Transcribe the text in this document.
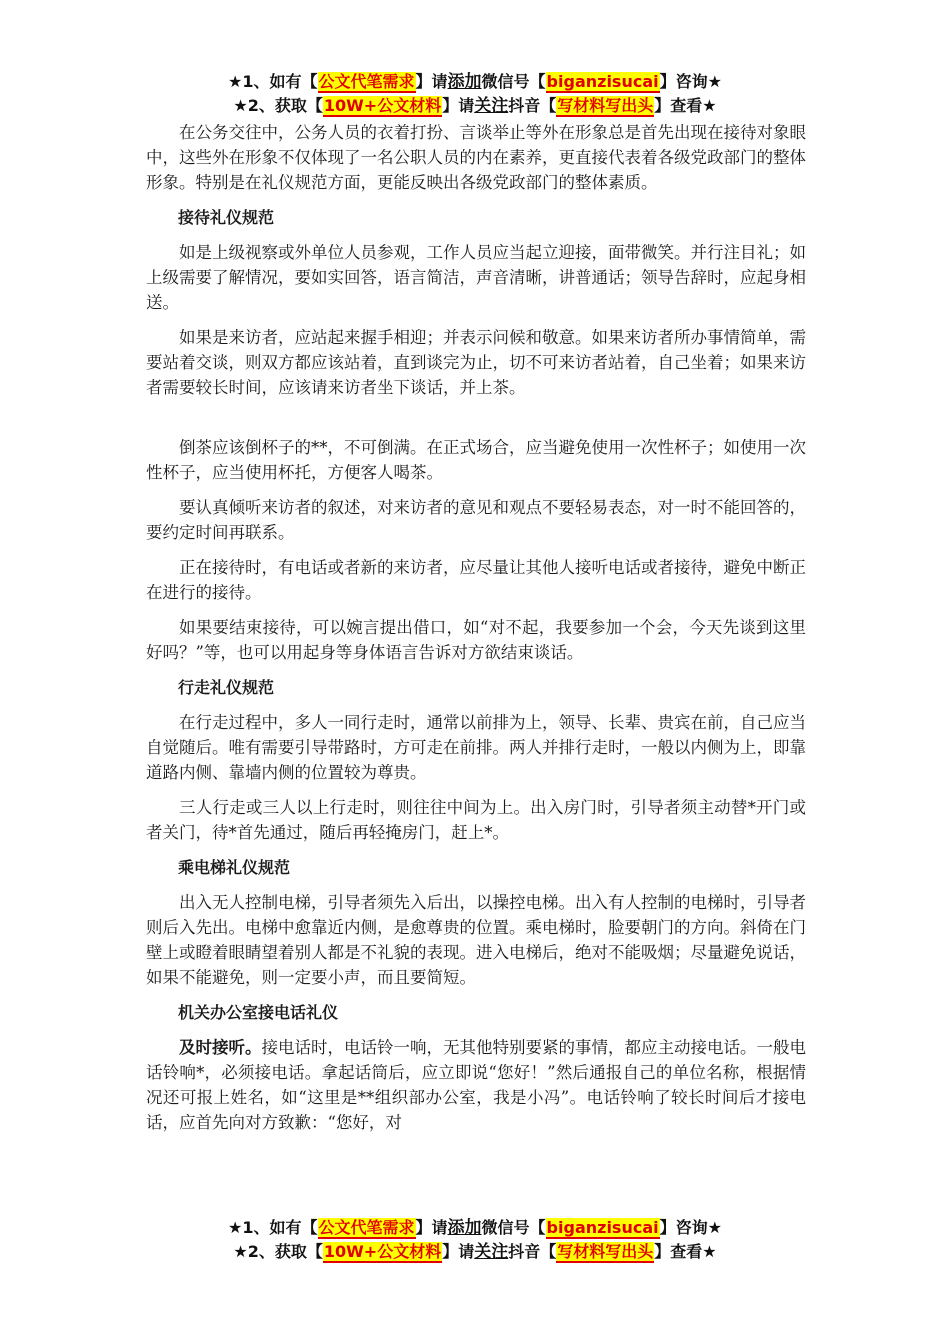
★1、如有【公文代笔需求】请添加微信号【biganzisucai】咨询★
★2、获取【10W+公文材料】请关注抖音【写材料写出头】查看★

在公务交往中，公务人员的衣着打扮、言谈举止等外在形象总是首先出现在接待对象眼中，这些外在形象不仅体现了一名公职人员的内在素养，更直接代表着各级党政部门的整体形象。特别是在礼仪规范方面，更能反映出各级党政部门的整体素质。

接待礼仪规范

如是上级视察或外单位人员参观，工作人员应当起立迎接，面带微笑。并行注目礼；如上级需要了解情况，要如实回答，语言简洁，声音清晰，讲普通话；领导告辞时，应起身相送。

如果是来访者，应站起来握手相迎；并表示问候和敬意。如果来访者所办事情简单，需要站着交谈，则双方都应该站着，直到谈完为止，切不可来访者站着，自己坐着；如果来访者需要较长时间，应该请来访者坐下谈话，并上茶。

倒茶应该倒杯子的**，不可倒满。在正式场合，应当避免使用一次性杯子；如使用一次性杯子，应当使用杯托，方便客人喝茶。

要认真倾听来访者的叙述，对来访者的意见和观点不要轻易表态，对一时不能回答的，要约定时间再联系。

正在接待时，有电话或者新的来访者，应尽量让其他人接听电话或者接待，避免中断正在进行的接待。

如果要结束接待，可以婉言提出借口，如“对不起，我要参加一个会，今天先谈到这里好吗？”等，也可以用起身等身体语言告诉对方欲结束谈话。

行走礼仪规范

在行走过程中，多人一同行走时，通常以前排为上，领导、长辈、贵宾在前，自己应当自觉随后。唯有需要引导带路时，方可走在前排。两人并排行走时，一般以内侧为上，即靠道路内侧、靠墙内侧的位置较为尊贵。

三人行走或三人以上行走时，则往往中间为上。出入房门时，引导者须主动替*开门或者关门，待*首先通过，随后再轻掩房门，赶上*。

乘电梯礼仪规范

出入无人控制电梯，引导者须先入后出，以操控电梯。出入有人控制的电梯时，引导者则后入先出。电梯中愈靠近内侧，是愈尊贵的位置。乘电梯时，脸要朝门的方向。斜倚在门壁上或瞪着眼睛望着别人都是不礼貌的表现。进入电梯后，绝对不能吸烟；尽量避免说话，如果不能避免，则一定要小声，而且要简短。

机关办公室接电话礼仪

及时接听。接电话时，电话铃一响，无其他特别要紧的事情，都应主动接电话。一般电话铃响*，必须接电话。拿起话筒后，应立即说“您好！”然后通报自己的单位名称，根据情况还可报上姓名，如“这里是**组织部办公室，我是小冯”。电话铃响了较长时间后才接电话，应首先向对方致歉：“您好，对

★1、如有【公文代笔需求】请添加微信号【biganzisucai】咨询★
★2、获取【10W+公文材料】请关注抖音【写材料写出头】查看★
